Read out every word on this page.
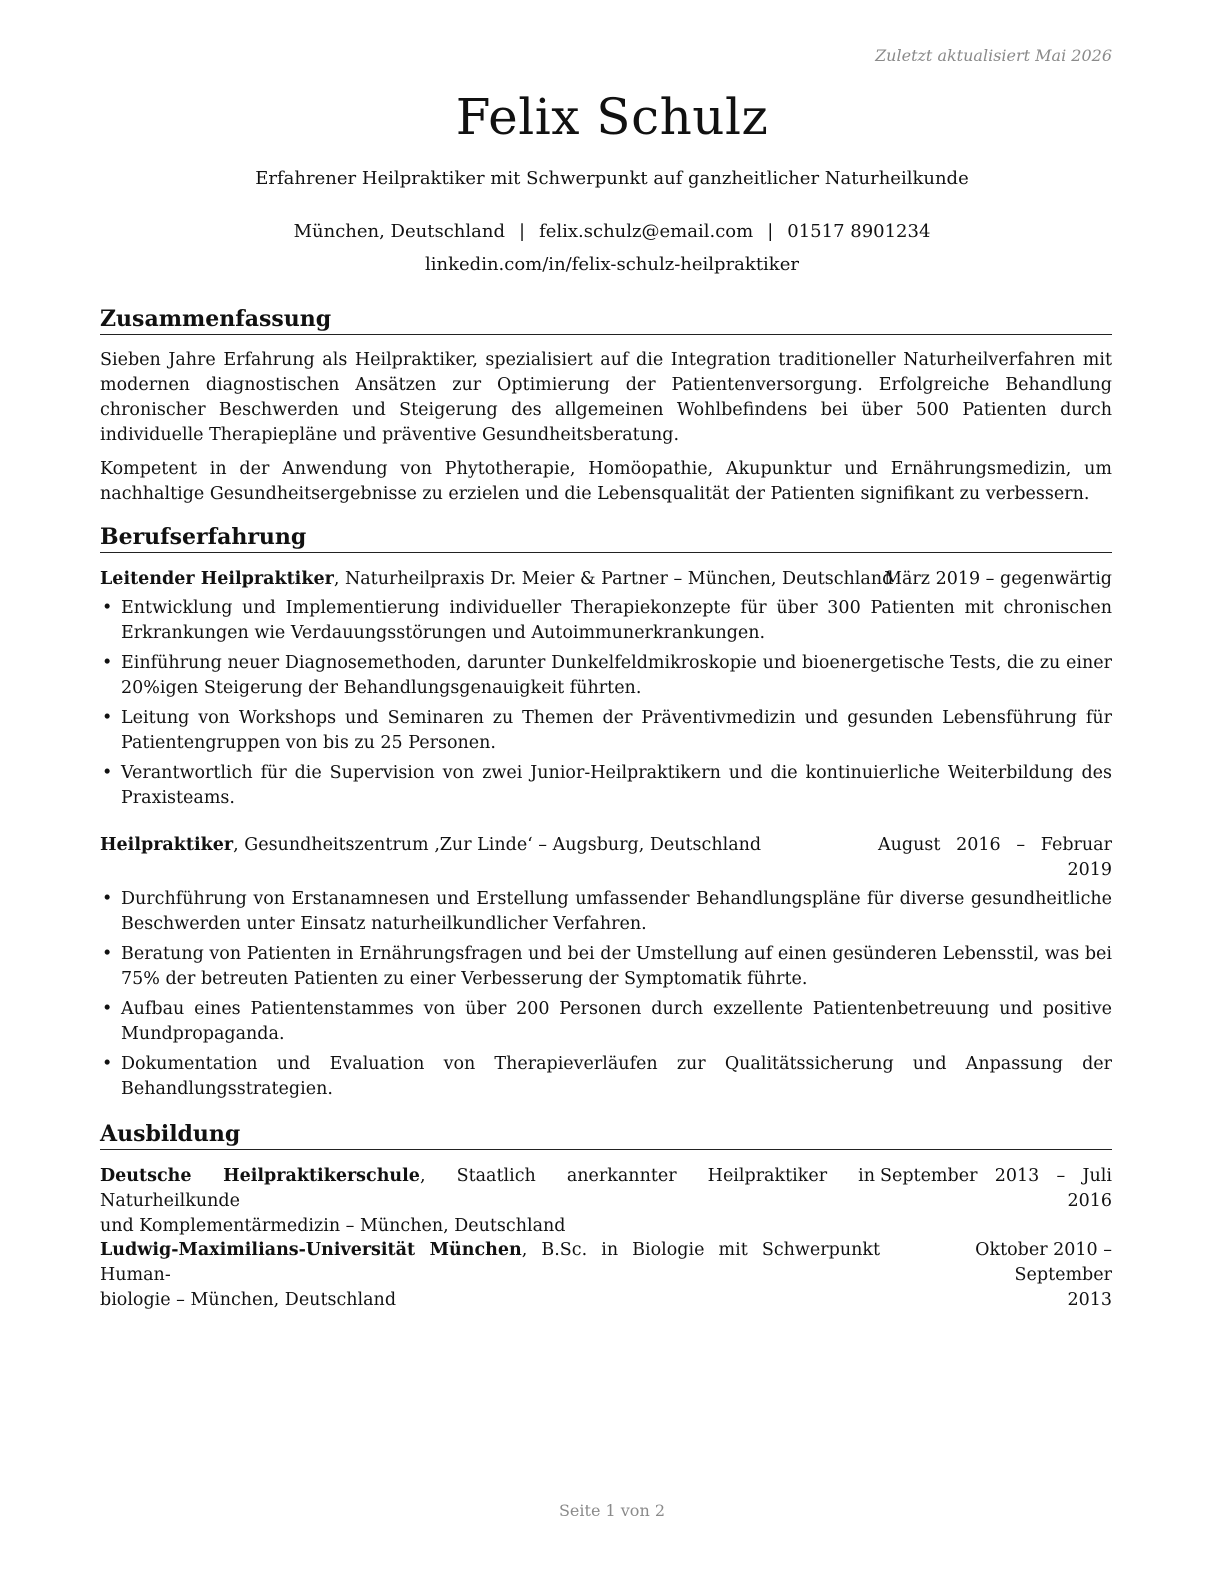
Zuletzt aktualisiert Mai 2026
Felix Schulz
Erfahrener Heilpraktiker mit Schwerpunkt auf ganzheitlicher Naturheilkunde
München, Deutschland | felix.schulz@email.com | 01517 8901234
linkedin.com/in/felix-schulz-heilpraktiker
Zusammenfassung

Sieben Jahre Erfahrung als Heilpraktiker, spezialisiert auf die Integration traditioneller Naturheilverfahren mit modernen diagnostischen Ansätzen zur Optimierung der Patientenversorgung. Erfolgreiche Behandlung chronischer Beschwerden und Steigerung des allgemeinen Wohlbefindens bei über 500 Patienten durch individuelle Therapiepläne und präventive Gesundheitsberatung.

Kompetent in der Anwendung von Phytotherapie, Homöopathie, Akupunktur und Ernährungsmedizin, um nachhaltige Gesundheitsergebnisse zu erzielen und die Lebensqualität der Patienten signifikant zu verbessern.

Berufserfahrung
Leitender Heilpraktiker, Naturheilpraxis Dr. Meier & Partner – München, Deutschland
März 2019 – gegenwärtig
• Entwicklung und Implementierung individueller Therapiekonzepte für über 300 Patienten mit chronischen Erkrankungen wie Verdauungsstörungen und Autoimmunerkrankungen.
• Einführung neuer Diagnosemethoden, darunter Dunkelfeldmikroskopie und bioenergetische Tests, die zu einer 20%igen Steigerung der Behandlungsgenauigkeit führten.
• Leitung von Workshops und Seminaren zu Themen der Präventivmedizin und gesunden Lebensführung für Patientengruppen von bis zu 25 Personen.
• Verantwortlich für die Supervision von zwei Junior-Heilpraktikern und die kontinuierliche Weiterbildung des Praxisteams.
Heilpraktiker, Gesundheitszentrum ‚Zur Linde‘ – Augsburg, Deutschland	August 2016 – Februar
2019
• Durchführung von Erstanamnesen und Erstellung umfassender Behandlungspläne für diverse gesundheitliche Beschwerden unter Einsatz naturheilkundlicher Verfahren.
• Beratung von Patienten in Ernährungsfragen und bei der Umstellung auf einen gesünderen Lebensstil, was bei 75% der betreuten Patienten zu einer Verbesserung der Symptomatik führte.
• Aufbau eines Patientenstammes von über 200 Personen durch exzellente Patientenbetreuung und positive Mundpropaganda.
• Dokumentation und Evaluation von Therapieverläufen zur Qualitätssicherung und Anpassung der Behandlungsstrategien.
Ausbildung
Deutsche Heilpraktikerschule, Staatlich anerkannter Heilpraktiker in Naturheilkunde
und Komplementärmedizin – München, Deutschland
September 2013 – Juli
2016
Ludwig-Maximilians-Universität München, B.Sc. in Biologie mit Schwerpunkt Human-
biologie – München, Deutschland
Oktober 2010 – September
2013
Seite 1 von 2
